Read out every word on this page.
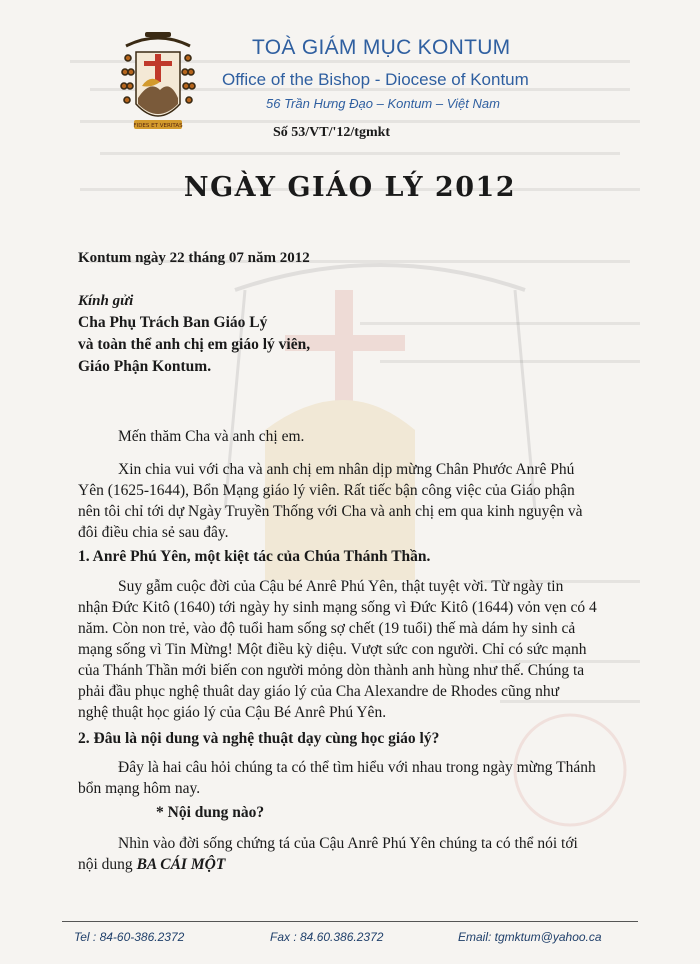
FIDES ET VERITAS
TOÀ GIÁM MỤC KONTUM
Office of the Bishop - Diocese of Kontum
56 Trần Hưng Đạo – Kontum – Việt Nam
Số 53/VT/'12/tgmkt
NGÀY GIÁO LÝ 2012
Kontum ngày 22 tháng 07 năm 2012
Kính gửi
Cha Phụ Trách Ban Giáo Lý
và toàn thể anh chị em giáo lý viên,
Giáo Phận Kontum.
Mến thăm Cha và anh chị em.
Xin chia vui với cha và anh chị em nhân dịp mừng Chân Phước Anrê Phú
Yên (1625-1644), Bổn Mạng giáo lý viên. Rất tiếc bận công việc của Giáo phận
nên tôi chỉ tới dự Ngày Truyền Thống với Cha và anh chị em qua kinh nguyện và
đôi điều chia sẻ sau đây.
1. Anrê Phú Yên, một kiệt tác của Chúa Thánh Thần.
Suy gẫm cuộc đời của Cậu bé Anrê Phú Yên, thật tuyệt vời. Từ ngày tin
nhận Đức Kitô (1640) tới ngày hy sinh mạng sống vì Đức Kitô (1644) vỏn vẹn có 4
năm. Còn non trẻ, vào độ tuổi ham sống sợ chết (19 tuổi) thế mà dám hy sinh cả
mạng sống vì Tin Mừng! Một điều kỳ diệu. Vượt sức con người. Chỉ có sức mạnh
của Thánh Thần mới biến con người mỏng dòn thành anh hùng như thế. Chúng ta
phải đầu phục nghệ thuât day giáo lý của Cha Alexandre de Rhodes cũng như
nghệ thuật học giáo lý của Cậu Bé Anrê Phú Yên.
2. Đâu là nội dung và nghệ thuật dạy cùng học giáo lý?
Đây là hai câu hỏi chúng ta có thể tìm hiểu với nhau trong ngày mừng Thánh
bổn mạng hôm nay.
* Nội dung nào?
Nhìn vào đời sống chứng tá của Cậu Anrê Phú Yên chúng ta có thể nói tới
nội dung BA CÁI MỘT
Tel : 84-60-386.2372	Fax : 84.60.386.2372	Email: tgmktum@yahoo.ca
